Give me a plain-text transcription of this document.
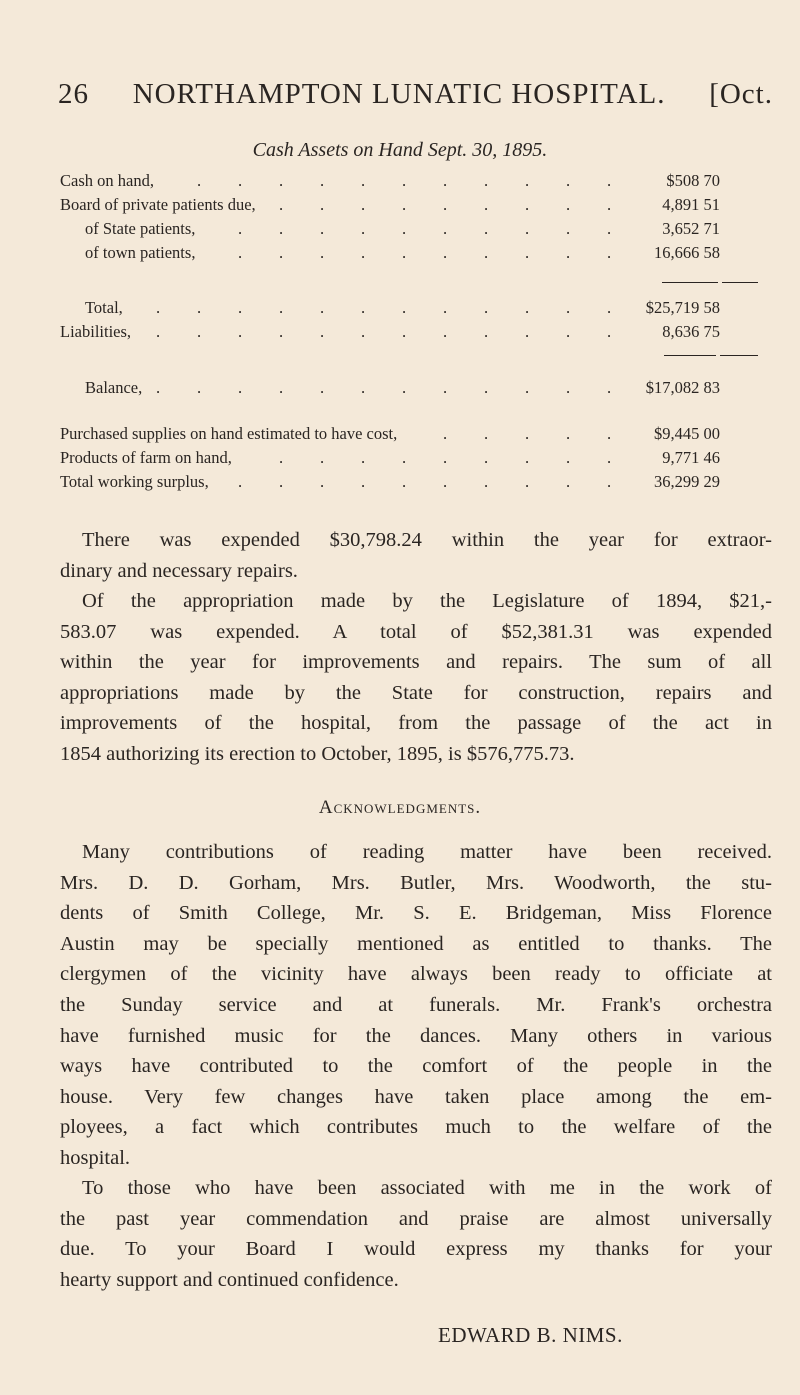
26 NORTHAMPTON LUNATIC HOSPITAL. [Oct.
Cash Assets on Hand Sept. 30, 1895.
Cash on hand,	. . . . . . . . . . .	$508 70
Board of private patients due, . . . . . . . . .	4,891 51
of State patients,	. . . . . . . . . .	3,652 71
of town patients,	. . . . . . . . . .	16,666 58
Total, . . . . . . . . . . . . $25,719 58
Liabilities, . . . . . . . . . . . .	8,636 75
Balance, . . . . . . . . . . . . $17,082 83
Purchased supplies on hand estimated to have cost,	. . . . .	$9,445 00
Products of farm on hand,	. . . . . . . . .	9,771 46
Total working surplus, . . . . . . . . . .	36,299 29
There was expended $30,798.24 within the year for extraor-
dinary and necessary repairs.
Of the appropriation made by the Legislature of 1894, $21,-
583.07 was expended. A total of $52,381.31 was expended
within the year for improvements and repairs. The sum of all
appropriations made by the State for construction, repairs and
improvements of the hospital, from the passage of the act in
1854 authorizing its erection to October, 1895, is $576,775.73.
Acknowledgments.
Many contributions of reading matter have been received.
Mrs. D. D. Gorham, Mrs. Butler, Mrs. Woodworth, the stu-
dents of Smith College, Mr. S. E. Bridgeman, Miss Florence
Austin may be specially mentioned as entitled to thanks. The
clergymen of the vicinity have always been ready to officiate at
the Sunday service and at funerals. Mr. Frank's orchestra
have furnished music for the dances. Many others in various
ways have contributed to the comfort of the people in the
house. Very few changes have taken place among the em-
ployees, a fact which contributes much to the welfare of the
hospital.
To those who have been associated with me in the work of
the past year commendation and praise are almost universally
due. To your Board I would express my thanks for your
hearty support and continued confidence.
EDWARD B. NIMS.
